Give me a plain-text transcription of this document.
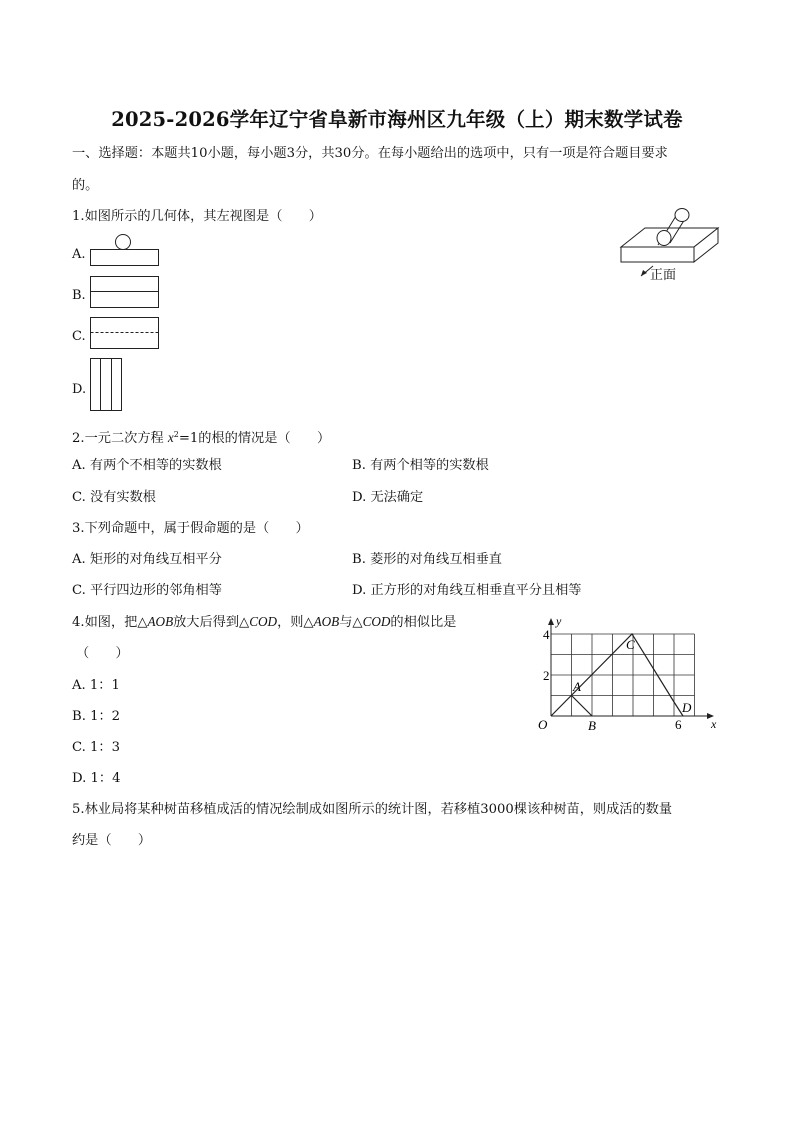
2025-2026学年辽宁省阜新市海州区九年级（上）期末数学试卷
一、选择题：本题共10小题，每小题3分，共30分。在每小题给出的选项中，只有一项是符合题目要求
的。
1.如图所示的几何体，其左视图是（　　）
A.
B.
C.
D.
正面
2.一元二次方程 $x^2=1$的根的情况是（　　）
A. 有两个不相等的实数根	B. 有两个相等的实数根
C. 没有实数根	D. 无法确定
3.下列命题中，属于假命题的是（　　）
A. 矩形的对角线互相平分	B. 菱形的对角线互相垂直
C. 平行四边形的邻角相等	D. 正方形的对角线互相垂直平分且相等
4.如图，把△AOB放大后得到△COD，则△AOB与△COD的相似比是
（　　）
A. 1：1
B. 1：2
C. 1：3
D. 1：4
4
2
6
O
y
x
A
B
C
D
5.林业局将某种树苗移植成活的情况绘制成如图所示的统计图，若移植3000棵该种树苗，则成活的数量
约是（　　）
